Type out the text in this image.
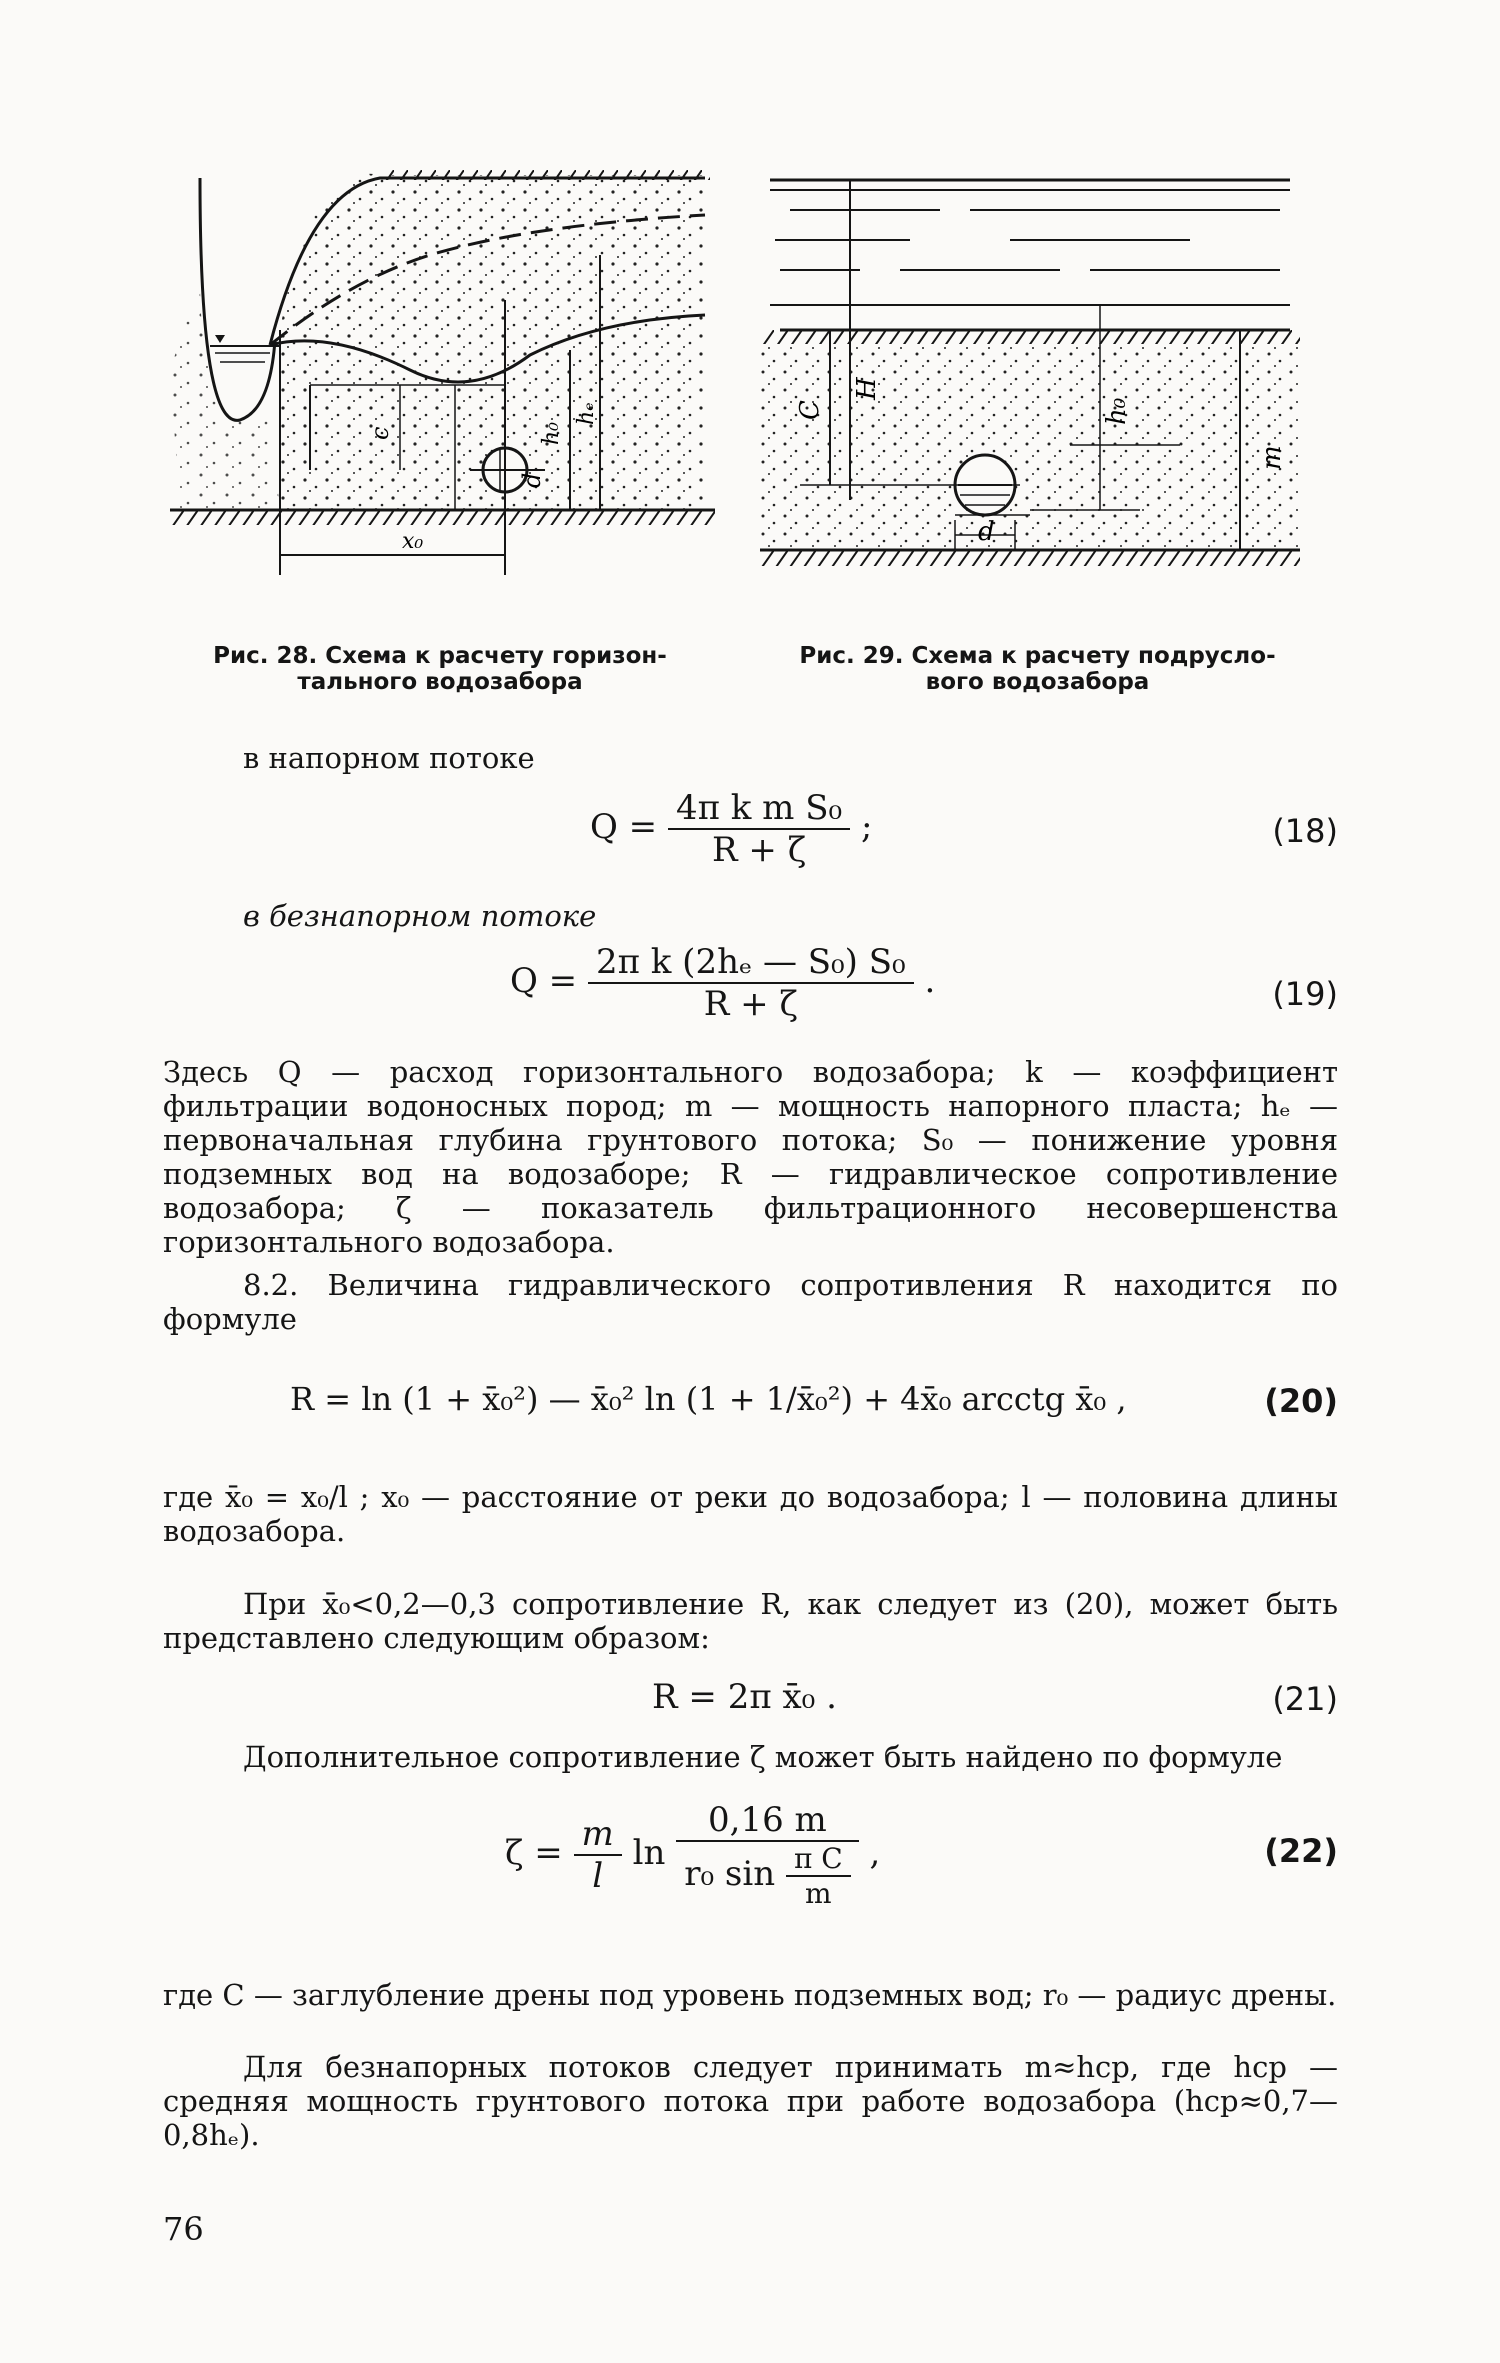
c	h₀
d
hₑ
x₀
C
H
h₀
d
m
Рис. 28. Схема к расчету горизон-
тального водозабора
Рис. 29. Схема к расчету подрусло-
вого водозабора
в напорном потоке
$Q = \frac{\text{4π k m S₀}}{R + \zeta}$ ;	(18)
в безнапорном потоке
$Q = \frac{\text{2π k (2hₑ — S₀) S₀}}{R + \zeta}$ .	(19)
Здесь Q — расход горизонтального водозабора; k — коэффициент фильтрации водоносных пород; m — мощность напорного пласта; hₑ — первоначальная глубина грунтового потока; S₀ — понижение уровня подземных вод на водозаборе; R — гидравлическое сопротивление водозабора; ζ — показатель фильтрационного несовершенства горизонтального водозабора.
8.2. Величина гидравлического сопротивления R находится по формуле
R = ln (1 + x̄₀²) — x̄₀² ln (1 + 1/x̄₀²) + 4x̄₀ arcctg x̄₀ ,	(20)
где x̄₀ = x₀/l ; x₀ — расстояние от реки до водозабора; l — половина длины водозабора.
При x̄₀<0,2—0,3 сопротивление R, как следует из (20), может быть представлено следующим образом:
R = 2π x̄₀ .	(21)
Дополнительное сопротивление ζ может быть найдено по формуле
$\zeta = \frac{m}{l}$ $\ln \frac{0,16 m}{r_0 \sin \frac{\text{π C}}{m}}$ ,	(22)
где C — заглубление дрены под уровень подземных вод; r₀ — радиус дрены.
Для безнапорных потоков следует принимать m≈hср, где hср — средняя мощность грунтового потока при работе водозабора (hср≈0,7—0,8hₑ).
76
